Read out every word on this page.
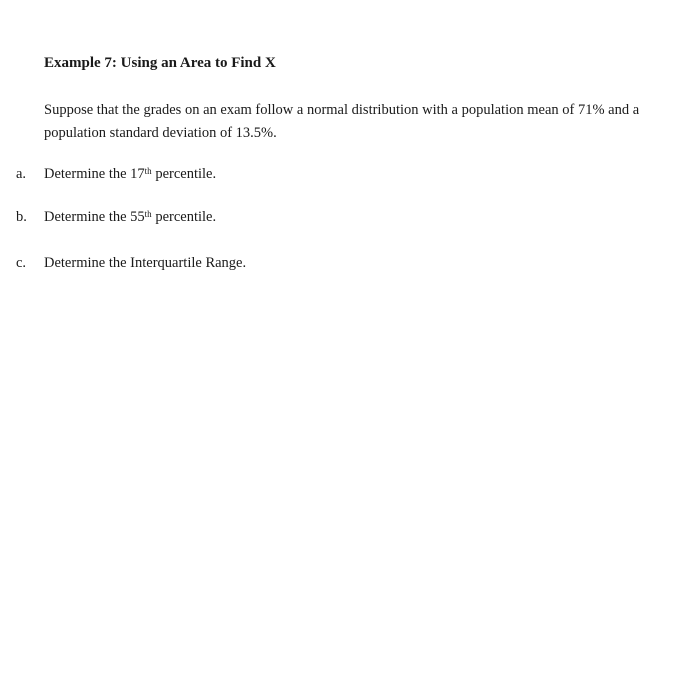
Example 7: Using an Area to Find X
Suppose that the grades on an exam follow a normal distribution with a population mean of 71% and a
population standard deviation of 13.5%.
a. Determine the 17th percentile.
b. Determine the 55th percentile.
c. Determine the Interquartile Range.
